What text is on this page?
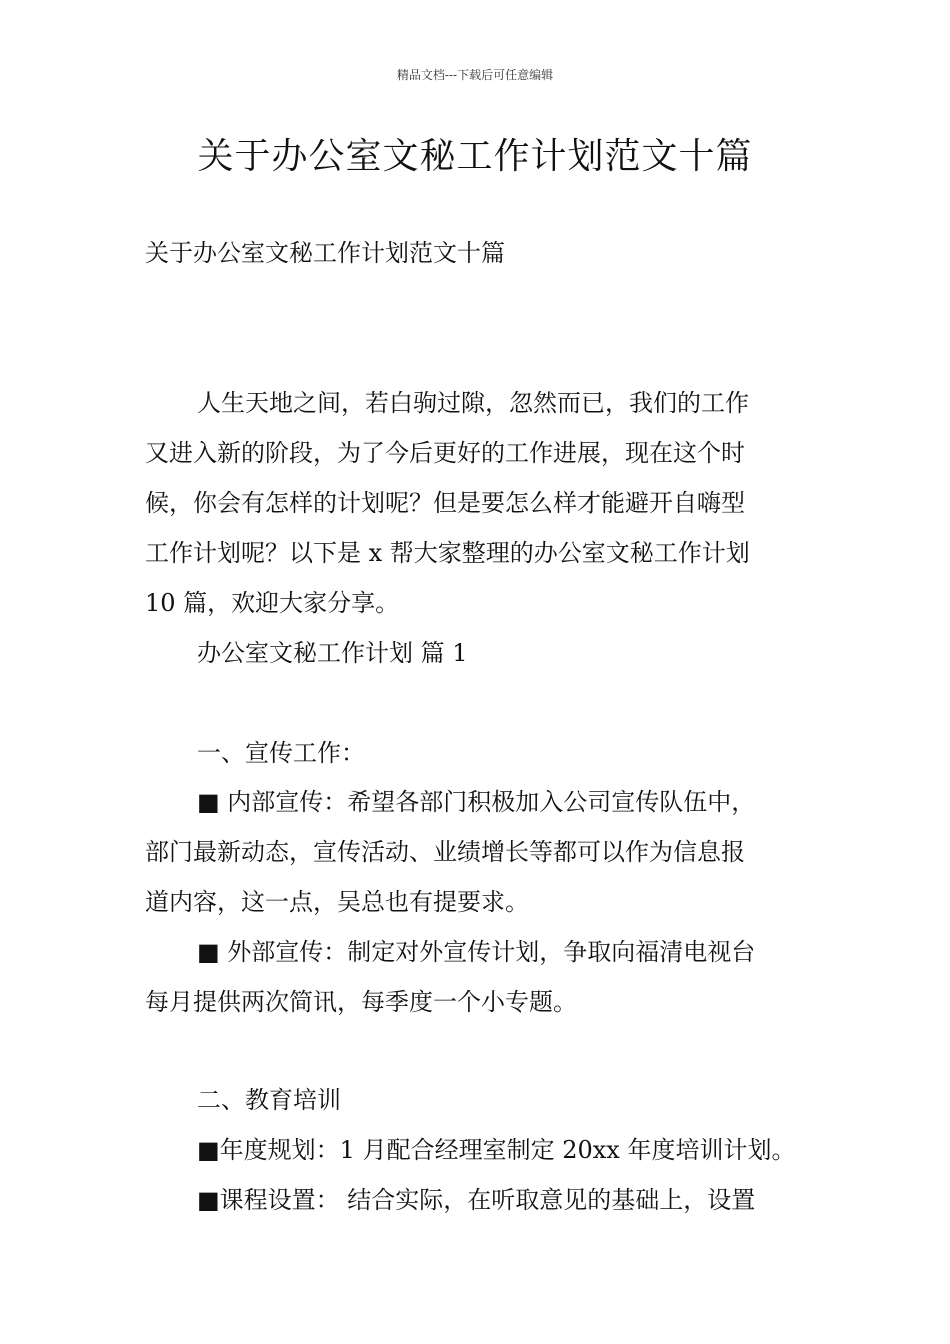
精品文档---下载后可任意编辑
关于办公室文秘工作计划范文十篇
关于办公室文秘工作计划范文十篇
人生天地之间，若白驹过隙，忽然而已，我们的工作
又进入新的阶段，为了今后更好的工作进展，现在这个时
候，你会有怎样的计划呢？但是要怎么样才能避开自嗨型
工作计划呢？以下是 x 帮大家整理的办公室文秘工作计划
10 篇，欢迎大家分享。
办公室文秘工作计划 篇 1
一、宣传工作：
■ 内部宣传：希望各部门积极加入公司宣传队伍中，
部门最新动态，宣传活动、业绩增长等都可以作为信息报
道内容，这一点，吴总也有提要求。
■ 外部宣传：制定对外宣传计划，争取向福清电视台
每月提供两次简讯，每季度一个小专题。
二、教育培训
■年度规划：1 月配合经理室制定 20xx 年度培训计划。
■课程设置： 结合实际，在听取意见的基础上，设置
